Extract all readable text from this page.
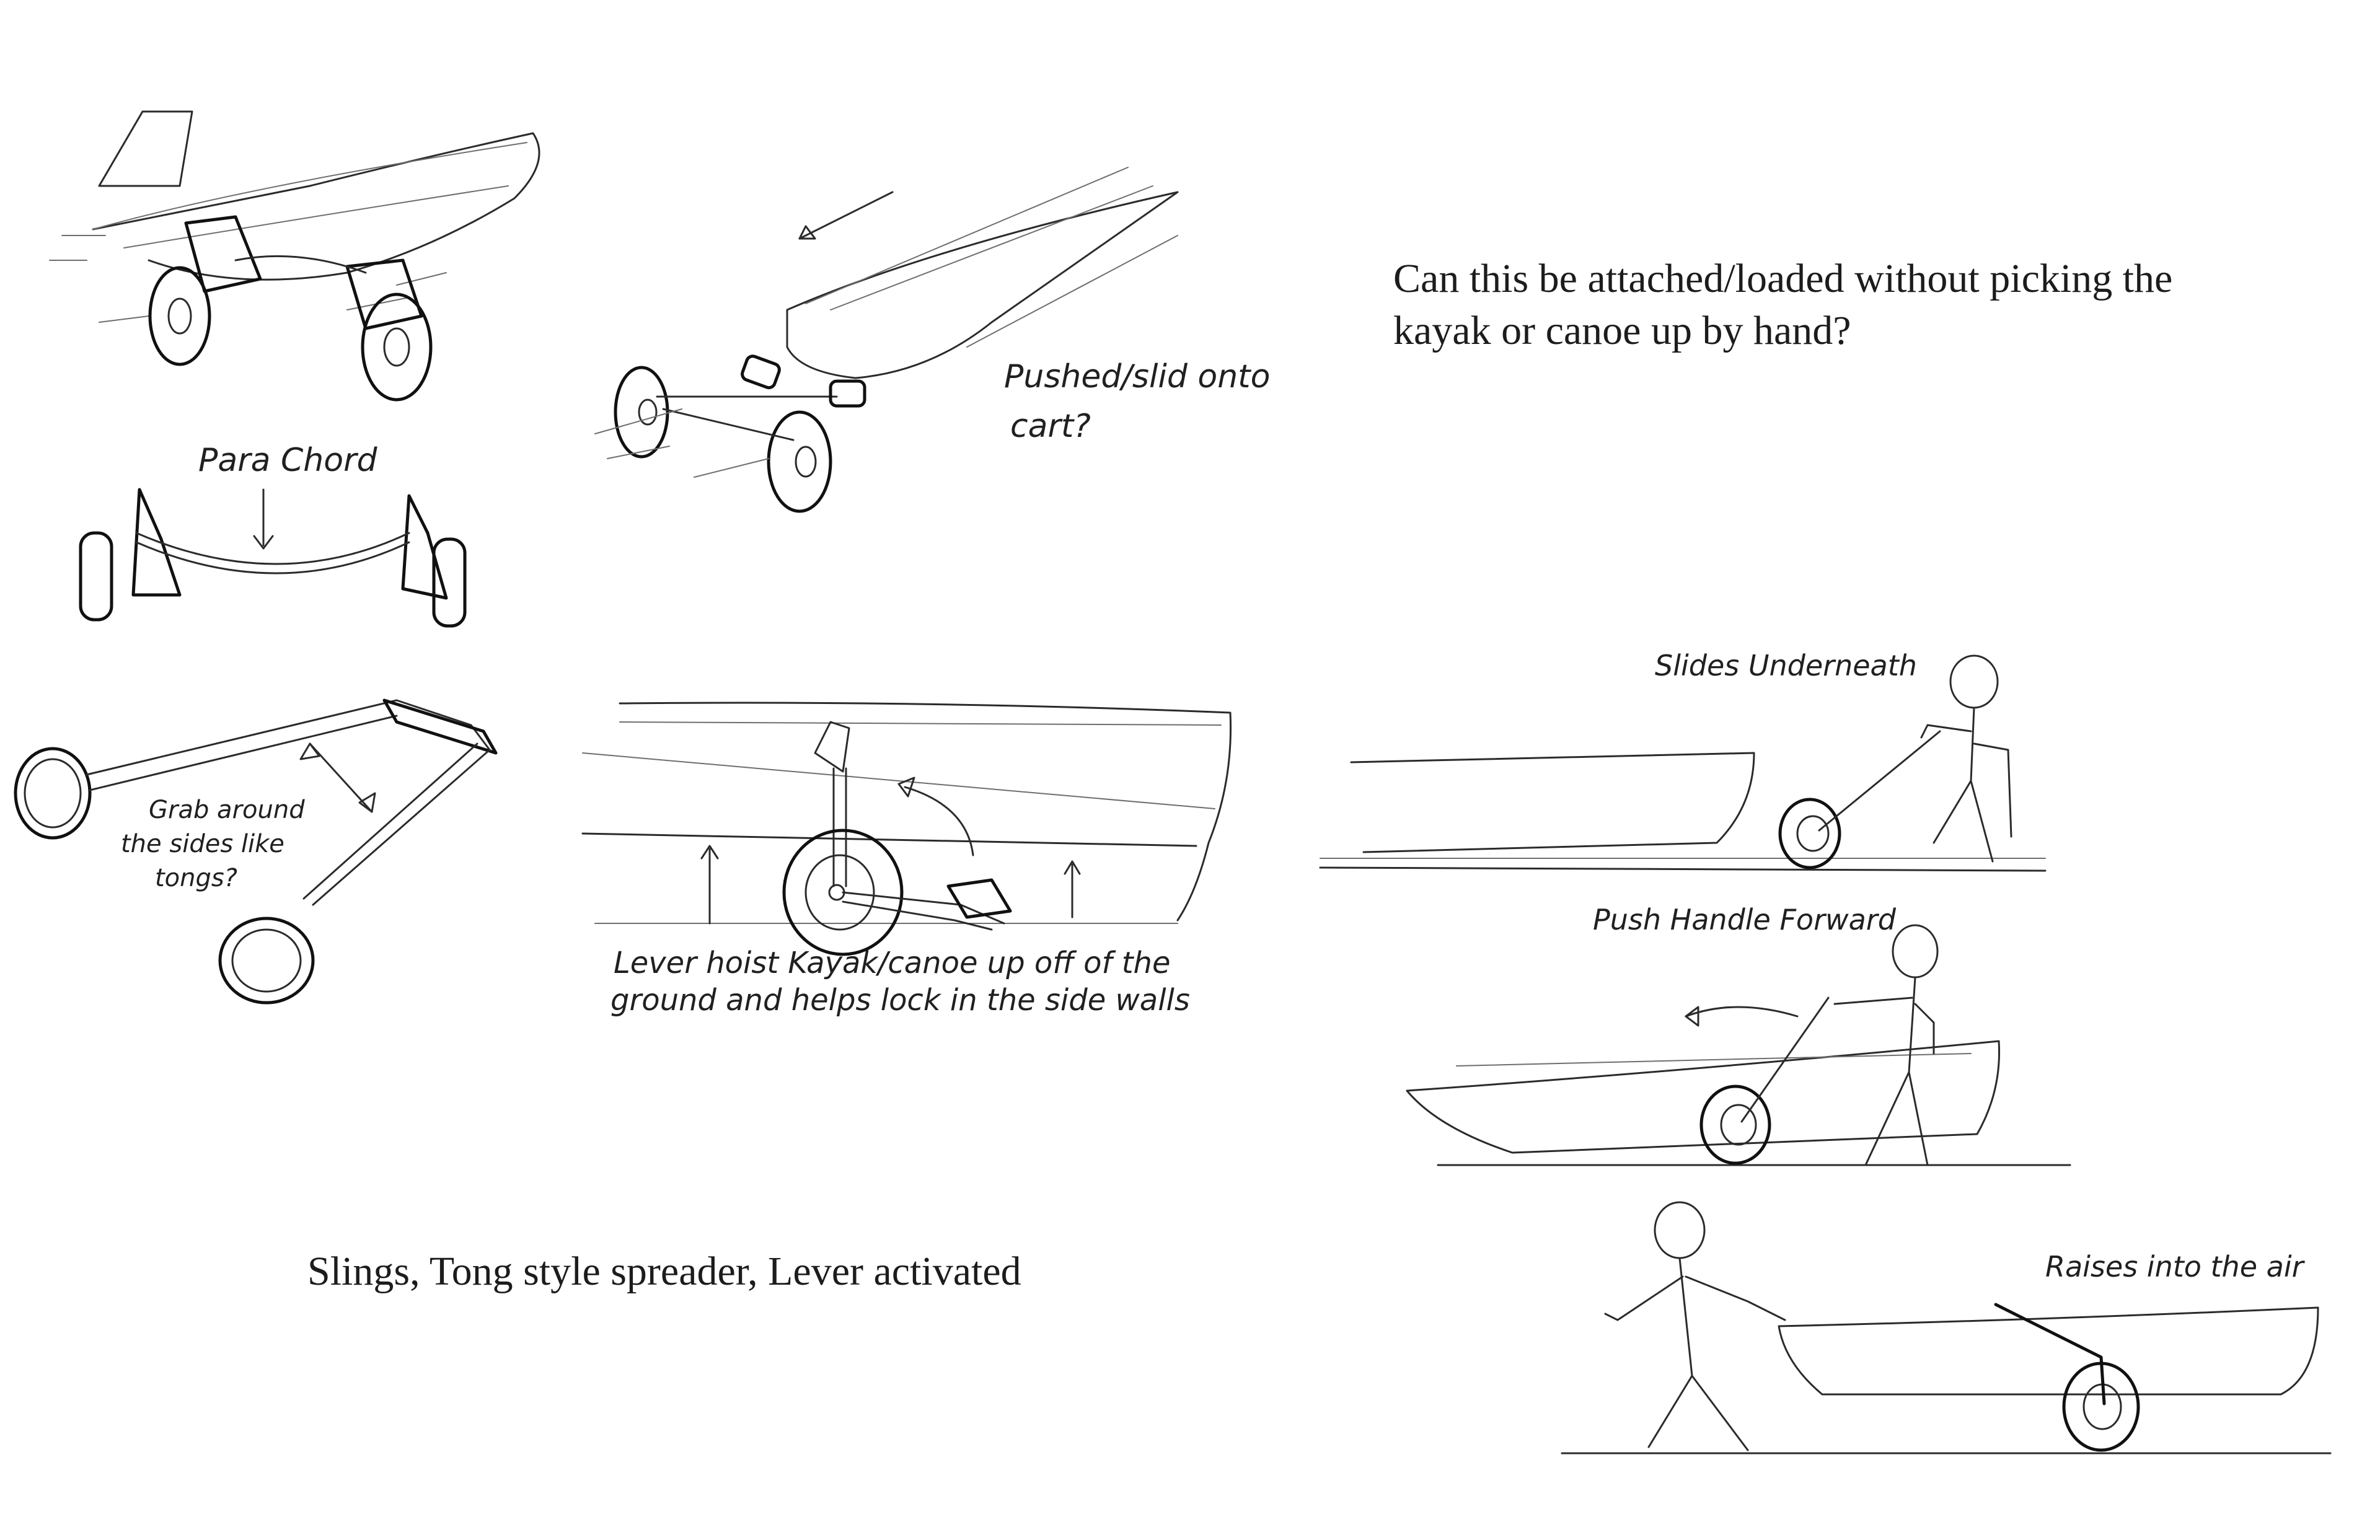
Para Chord
Grab around
the sides like
tongs?
Pushed/slid onto
cart?
Lever hoist Kayak/canoe up off of the
ground and helps lock in the side walls
Slides Underneath
Push Handle Forward
Raises into the air

Can this be attached/loaded without picking the
kayak or canoe up by hand?

Slings, Tong style spreader, Lever activated
